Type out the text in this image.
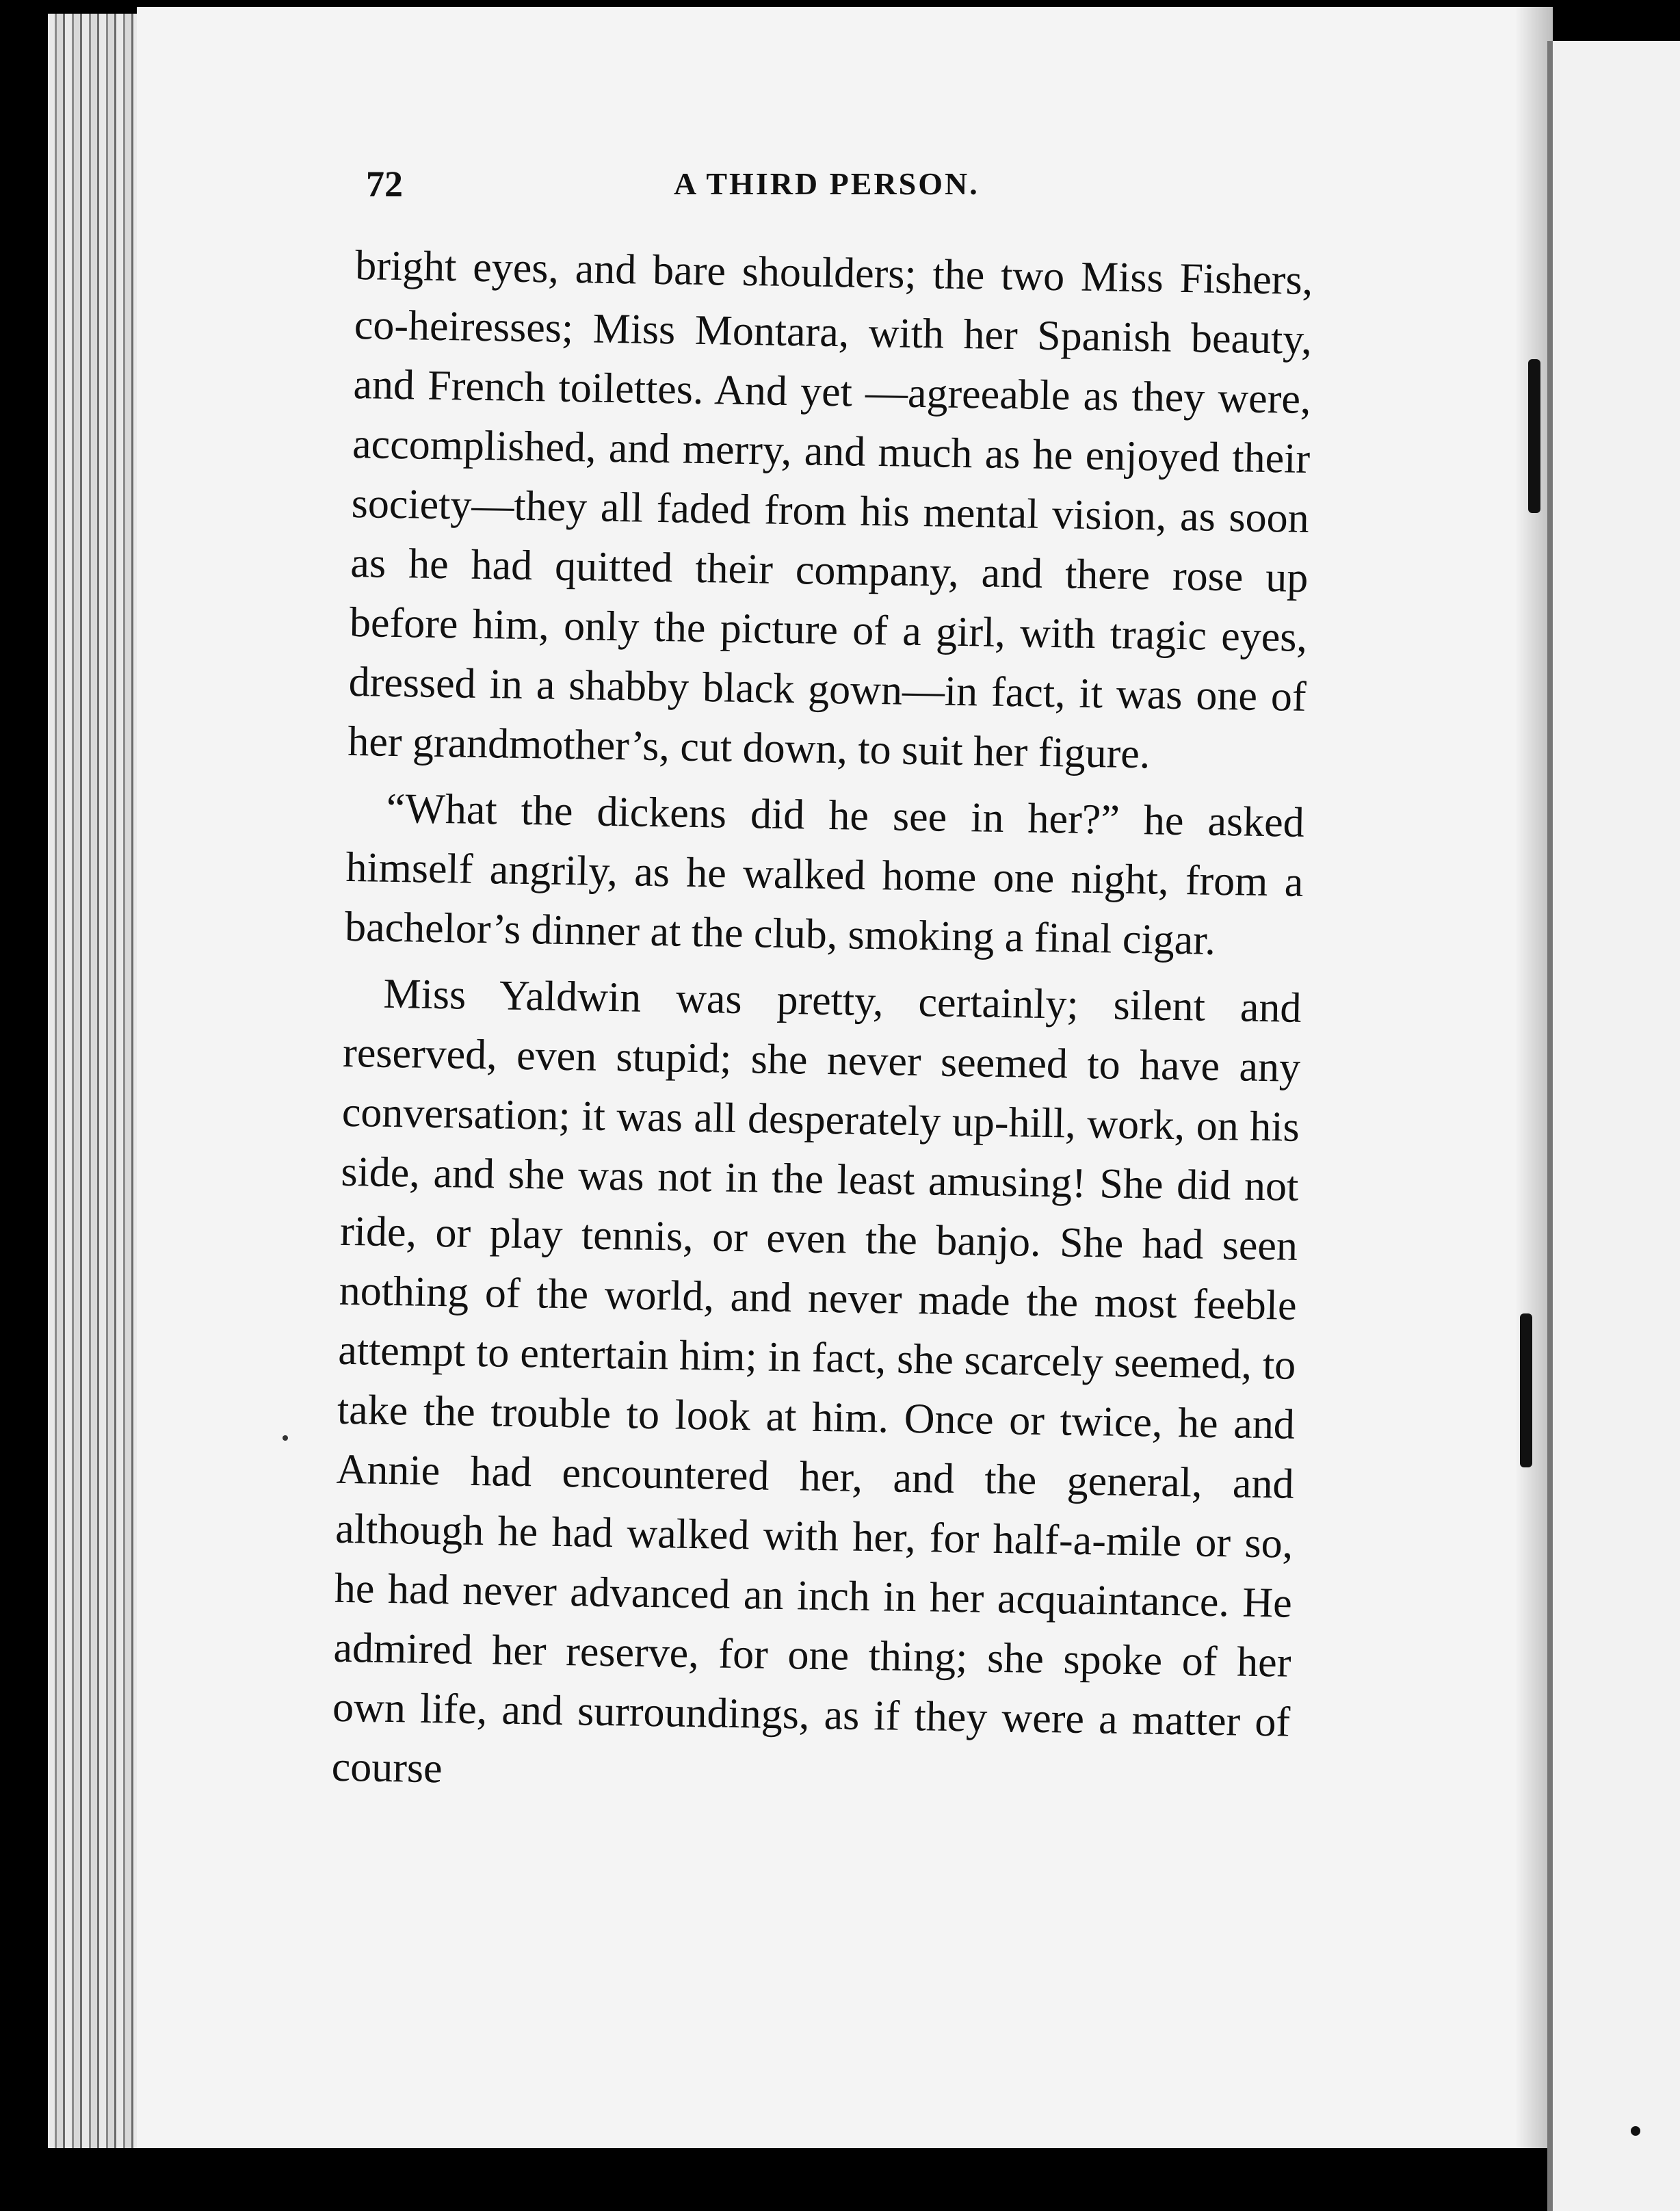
72	A THIRD PERSON.

bright eyes, and bare shoulders; the two Miss Fishers, co-heiresses; Miss Montara, with her Spanish beauty, and French toilettes. And yet —agreeable as they were, accomplished, and merry, and much as he enjoyed their society—they all faded from his mental vision, as soon as he had quitted their company, and there rose up before him, only the picture of a girl, with tragic eyes, dressed in a shabby black gown—in fact, it was one of her grandmother’s, cut down, to suit her figure.

“What the dickens did he see in her?” he asked himself angrily, as he walked home one night, from a bachelor’s dinner at the club, smoking a final cigar.

Miss Yaldwin was pretty, certainly; silent and reserved, even stupid; she never seemed to have any conversation; it was all desperately up-hill, work, on his side, and she was not in the least amusing! She did not ride, or play tennis, or even the banjo. She had seen nothing of the world, and never made the most feeble attempt to entertain him; in fact, she scarcely seemed, to take the trouble to look at him. Once or twice, he and Annie had encountered her, and the general, and although he had walked with her, for half-a-mile or so, he had never advanced an inch in her acquaintance. He admired her reserve, for one thing; she spoke of her own life, and surroundings, as if they were a matter of course
